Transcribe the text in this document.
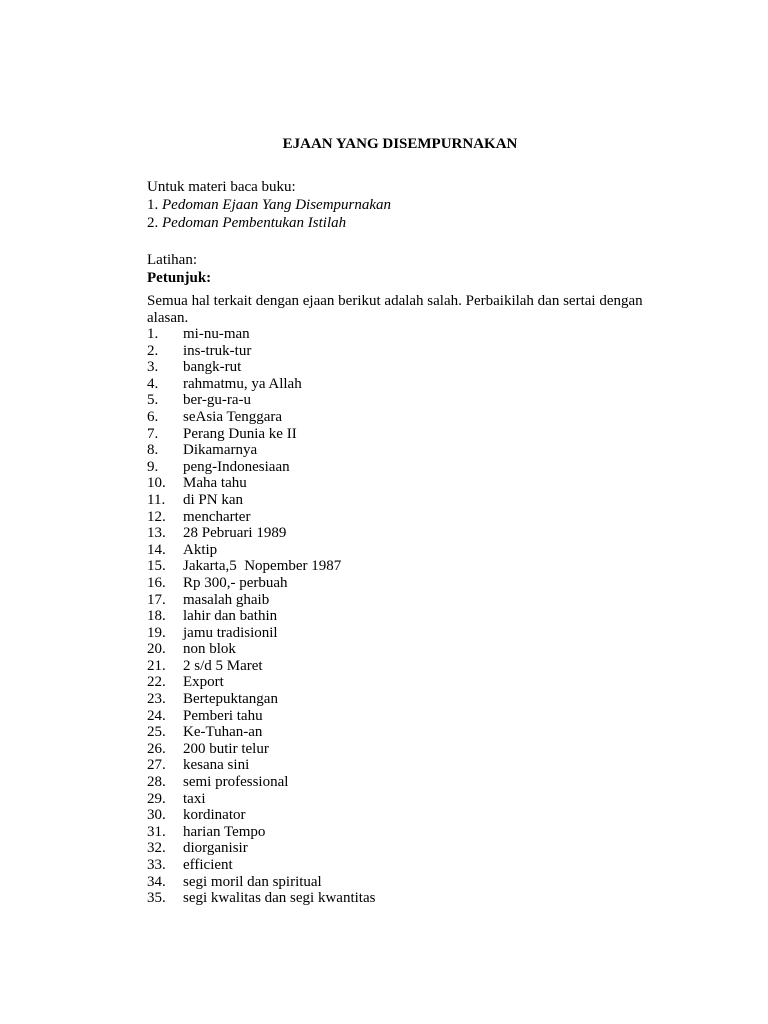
EJAAN YANG DISEMPURNAKAN
Untuk materi baca buku:
1. Pedoman Ejaan Yang Disempurnakan
2. Pedoman Pembentukan Istilah
Latihan:
Petunjuk:
Semua hal terkait dengan ejaan berikut adalah salah. Perbaikilah dan sertai dengan alasan.
1. mi-nu-man
2. ins-truk-tur
3. bangk-rut
4. rahmatmu, ya Allah
5. ber-gu-ra-u
6. seAsia Tenggara
7. Perang Dunia ke II
8. Dikamarnya
9. peng-Indonesiaan
10. Maha tahu
11. di PN kan
12. mencharter
13. 28 Pebruari 1989
14. Aktip
15. Jakarta,5  Nopember 1987
16. Rp 300,- perbuah
17. masalah ghaib
18. lahir dan bathin
19. jamu tradisionil
20. non blok
21. 2 s/d 5 Maret
22. Export
23. Bertepuktangan
24. Pemberi tahu
25. Ke-Tuhan-an
26. 200 butir telur
27. kesana sini
28. semi professional
29. taxi
30. kordinator
31. harian Tempo
32. diorganisir
33. efficient
34. segi moril dan spiritual
35. segi kwalitas dan segi kwantitas
